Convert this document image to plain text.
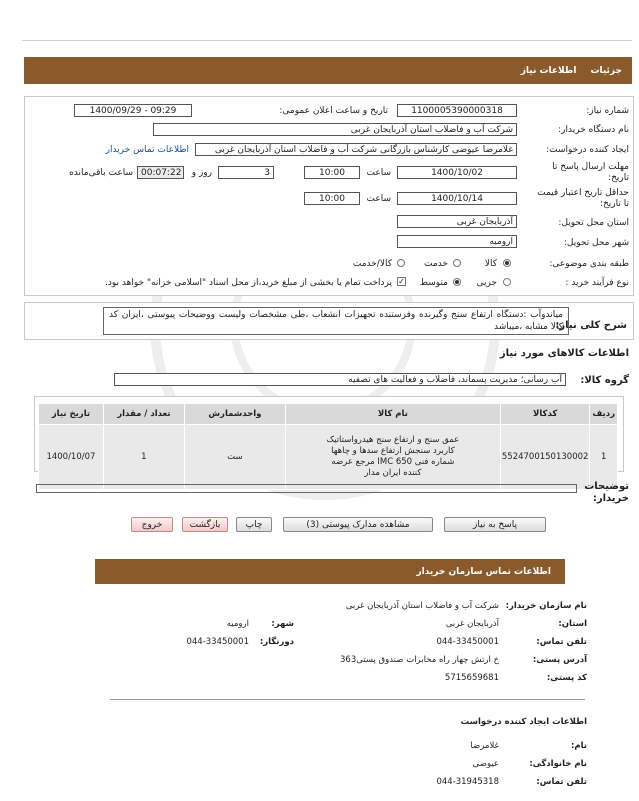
جزئیات
اطلاعات نیاز
شماره نیاز:
1100005390000318
تاریخ و ساعت اعلان عمومی:
1400/09/29 - 09:29
نام دستگاه خریدار:
شرکت آب و فاضلاب استان آذربایجان غربی
ایجاد کننده درخواست:
غلامرضا عیوضی کارشناس بازرگانی شرکت آب و فاضلاب استان آذربایجان غربی
اطلاعات تماس خریدار
مهلت ارسال پاسخ تا تاریخ:
1400/10/02
ساعت
10:00
روز و	3
00:07:22
ساعت باقی‌مانده
حداقل تاریخ اعتبار قیمت تا تاریخ:
1400/10/14
ساعت
10:00
استان محل تحویل:
آذربایجان غربی
شهر محل تحویل:
ارومیه
طبقه بندی موضوعی:
کالا
خدمت
کالا/خدمت
نوع فرآیند خرید :
جزیی
متوسط
✓
پرداخت تمام یا بخشی از مبلغ خرید،از محل اسناد "اسلامی خزانه" خواهد بود.
شرح کلی نیاز:
میاندوآب :دستگاه ارتفاع سنج وگیرنده وفرستنده تجهیزات انشعاب ،طی مشخصات ولیست ووضیحات پیوستی ،ایران کد کالا مشابه ،میباشد
اطلاعات کالاهای مورد نیاز
گروه کالا:
آب رسانی؛ مدیریت پسماند، فاضلاب و فعالیت های تصفیه
ردیف	کدکالا	نام کالا	واحدشمارش	تعداد / مقدار	تاریخ نیاز
1	5524700150130002	عمق سنج و ارتفاع سنج هیدرواستاتیک کاربرد سنجش ارتفاع سدها و چاهها شماره فنی IMC 650 مرجع عرضه کننده ایران مدار	ست	1	1400/10/07
توضیحات خریدار:
پاسخ به نیاز
مشاهده مدارک پیوستی (3)
چاپ
بازگشت
خروج
اطلاعات تماس سازمان خریدار
نام سازمان خریدار:
شرکت آب و فاضلاب استان آذربایجان غربی
استان:
آذربایجان غربی
شهر:
ارومیه
تلفن تماس:
044-33450001
دورنگار:
044-33450001
آدرس پستی:
خ ارتش چهار راه مخابرات صندوق پستی363
کد پستی:
5715659681
اطلاعات ایجاد کننده درخواست
نام:
غلامرضا
نام خانوادگی:
عیوضی
تلفن تماس:
044-31945318
